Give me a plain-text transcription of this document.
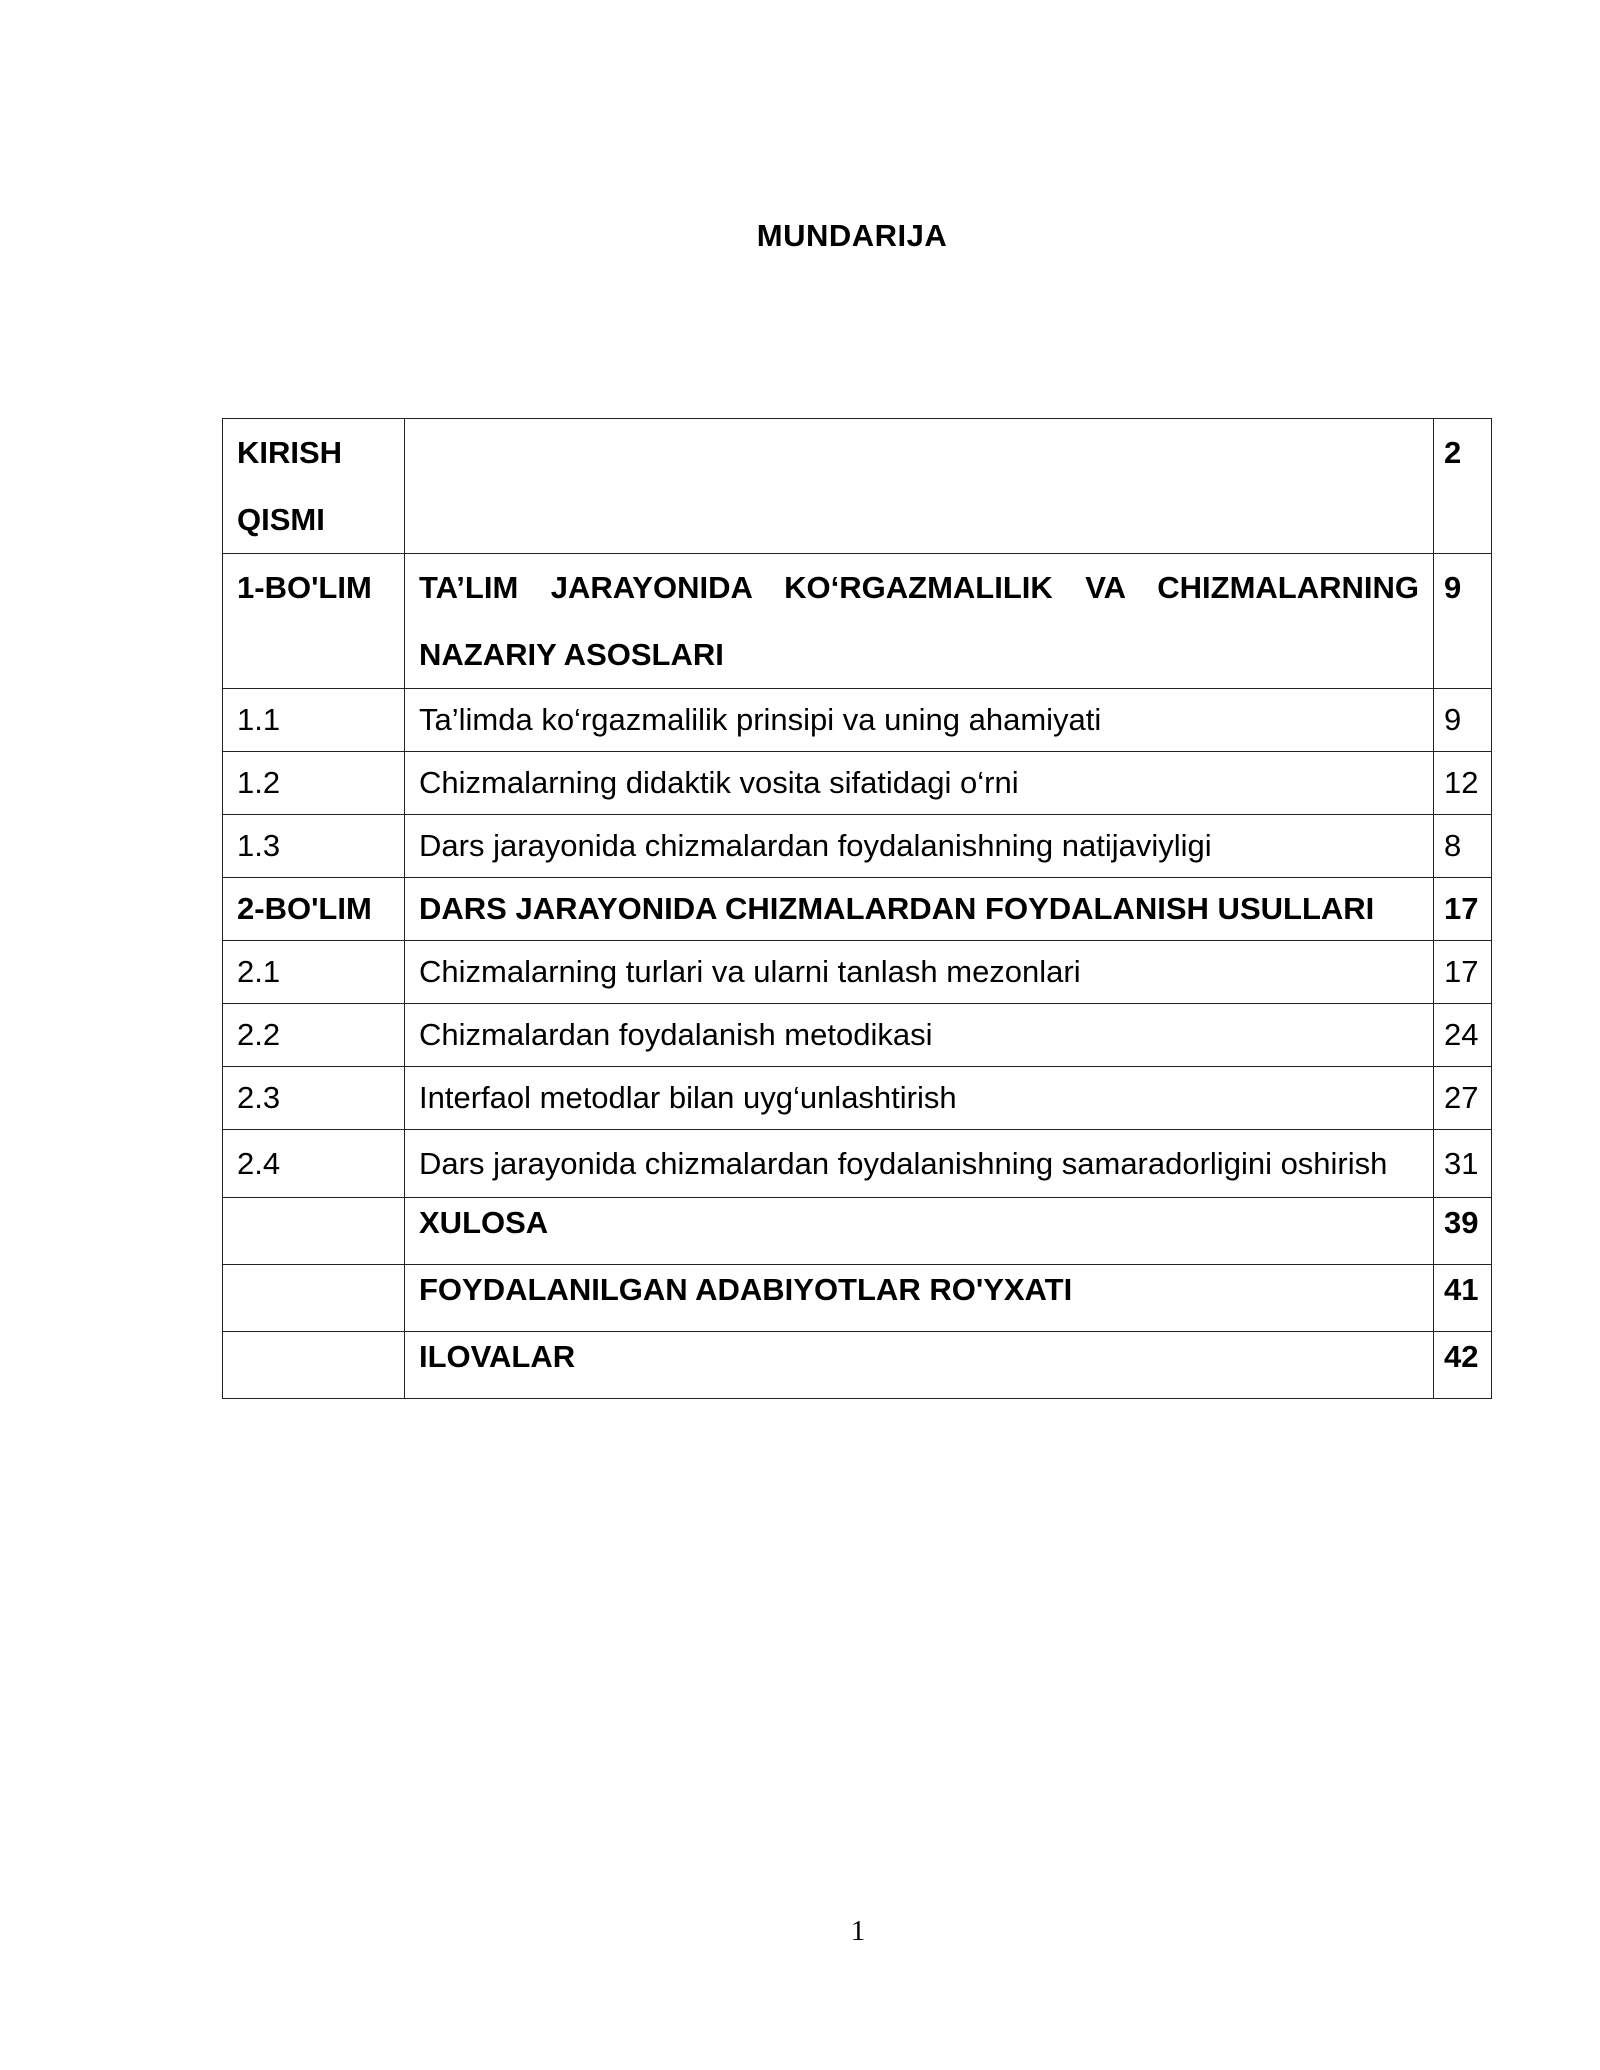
MUNDARIJA
KIRISH QISMI		2
1-BO'LIM	TA’LIM JARAYONIDA KO‘RGAZMALILIK VA CHIZMALARNING NAZARIY ASOSLARI	9
1.1	Ta’limda ko‘rgazmalilik prinsipi va uning ahamiyati	9
1.2	Chizmalarning didaktik vosita sifatidagi o‘rni	12
1.3	Dars jarayonida chizmalardan foydalanishning natijaviyligi	8
2-BO'LIM	DARS JARAYONIDA CHIZMALARDAN FOYDALANISH USULLARI	17
2.1	Chizmalarning turlari va ularni tanlash mezonlari	17
2.2	Chizmalardan foydalanish metodikasi	24
2.3	Interfaol metodlar bilan uyg‘unlashtirish	27
2.4	Dars jarayonida chizmalardan foydalanishning samaradorligini oshirish	31
	XULOSA	39
	FOYDALANILGAN ADABIYOTLAR RO'YXATI	41
	ILOVALAR	42
1
